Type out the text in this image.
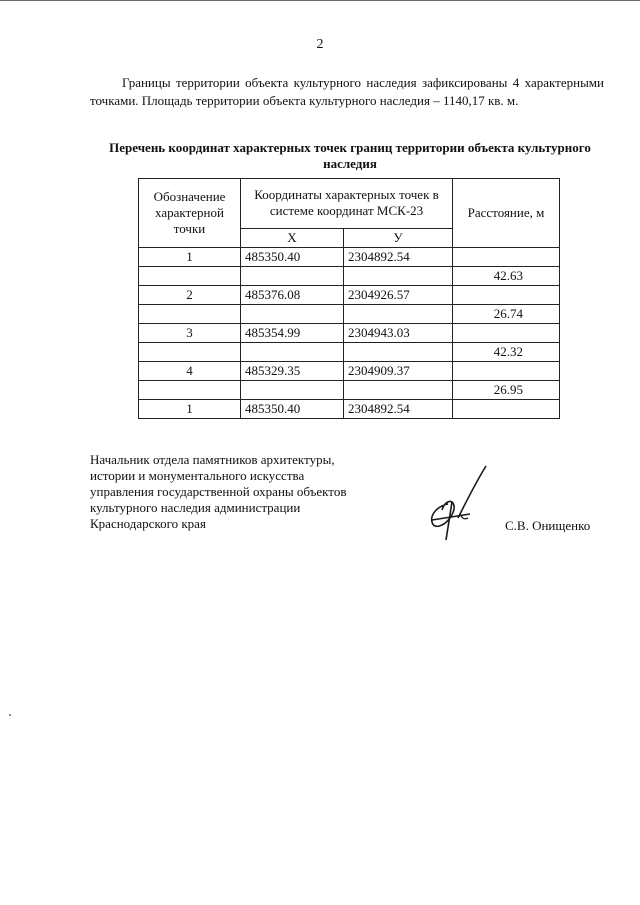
2
Границы территории объекта культурного наследия зафиксированы 4 характерными точками. Площадь территории объекта культурного наследия – 1140,17 кв. м.
Перечень координат характерных точек границ территории объекта культурного наследия
Обозначение характерной точки	Координаты характерных точек в системе координат МСК-23		Расстояние, м
	Х	У	
1	485350.40	2304892.54	
			42.63
2	485376.08	2304926.57	
			26.74
3	485354.99	2304943.03	
			42.32
4	485329.35	2304909.37	
			26.95
1	485350.40	2304892.54	
Начальник отдела памятников архитектуры,
истории и монументального искусства
управления государственной охраны объектов
культурного наследия администрации
Краснодарского края	С.В. Онищенко
